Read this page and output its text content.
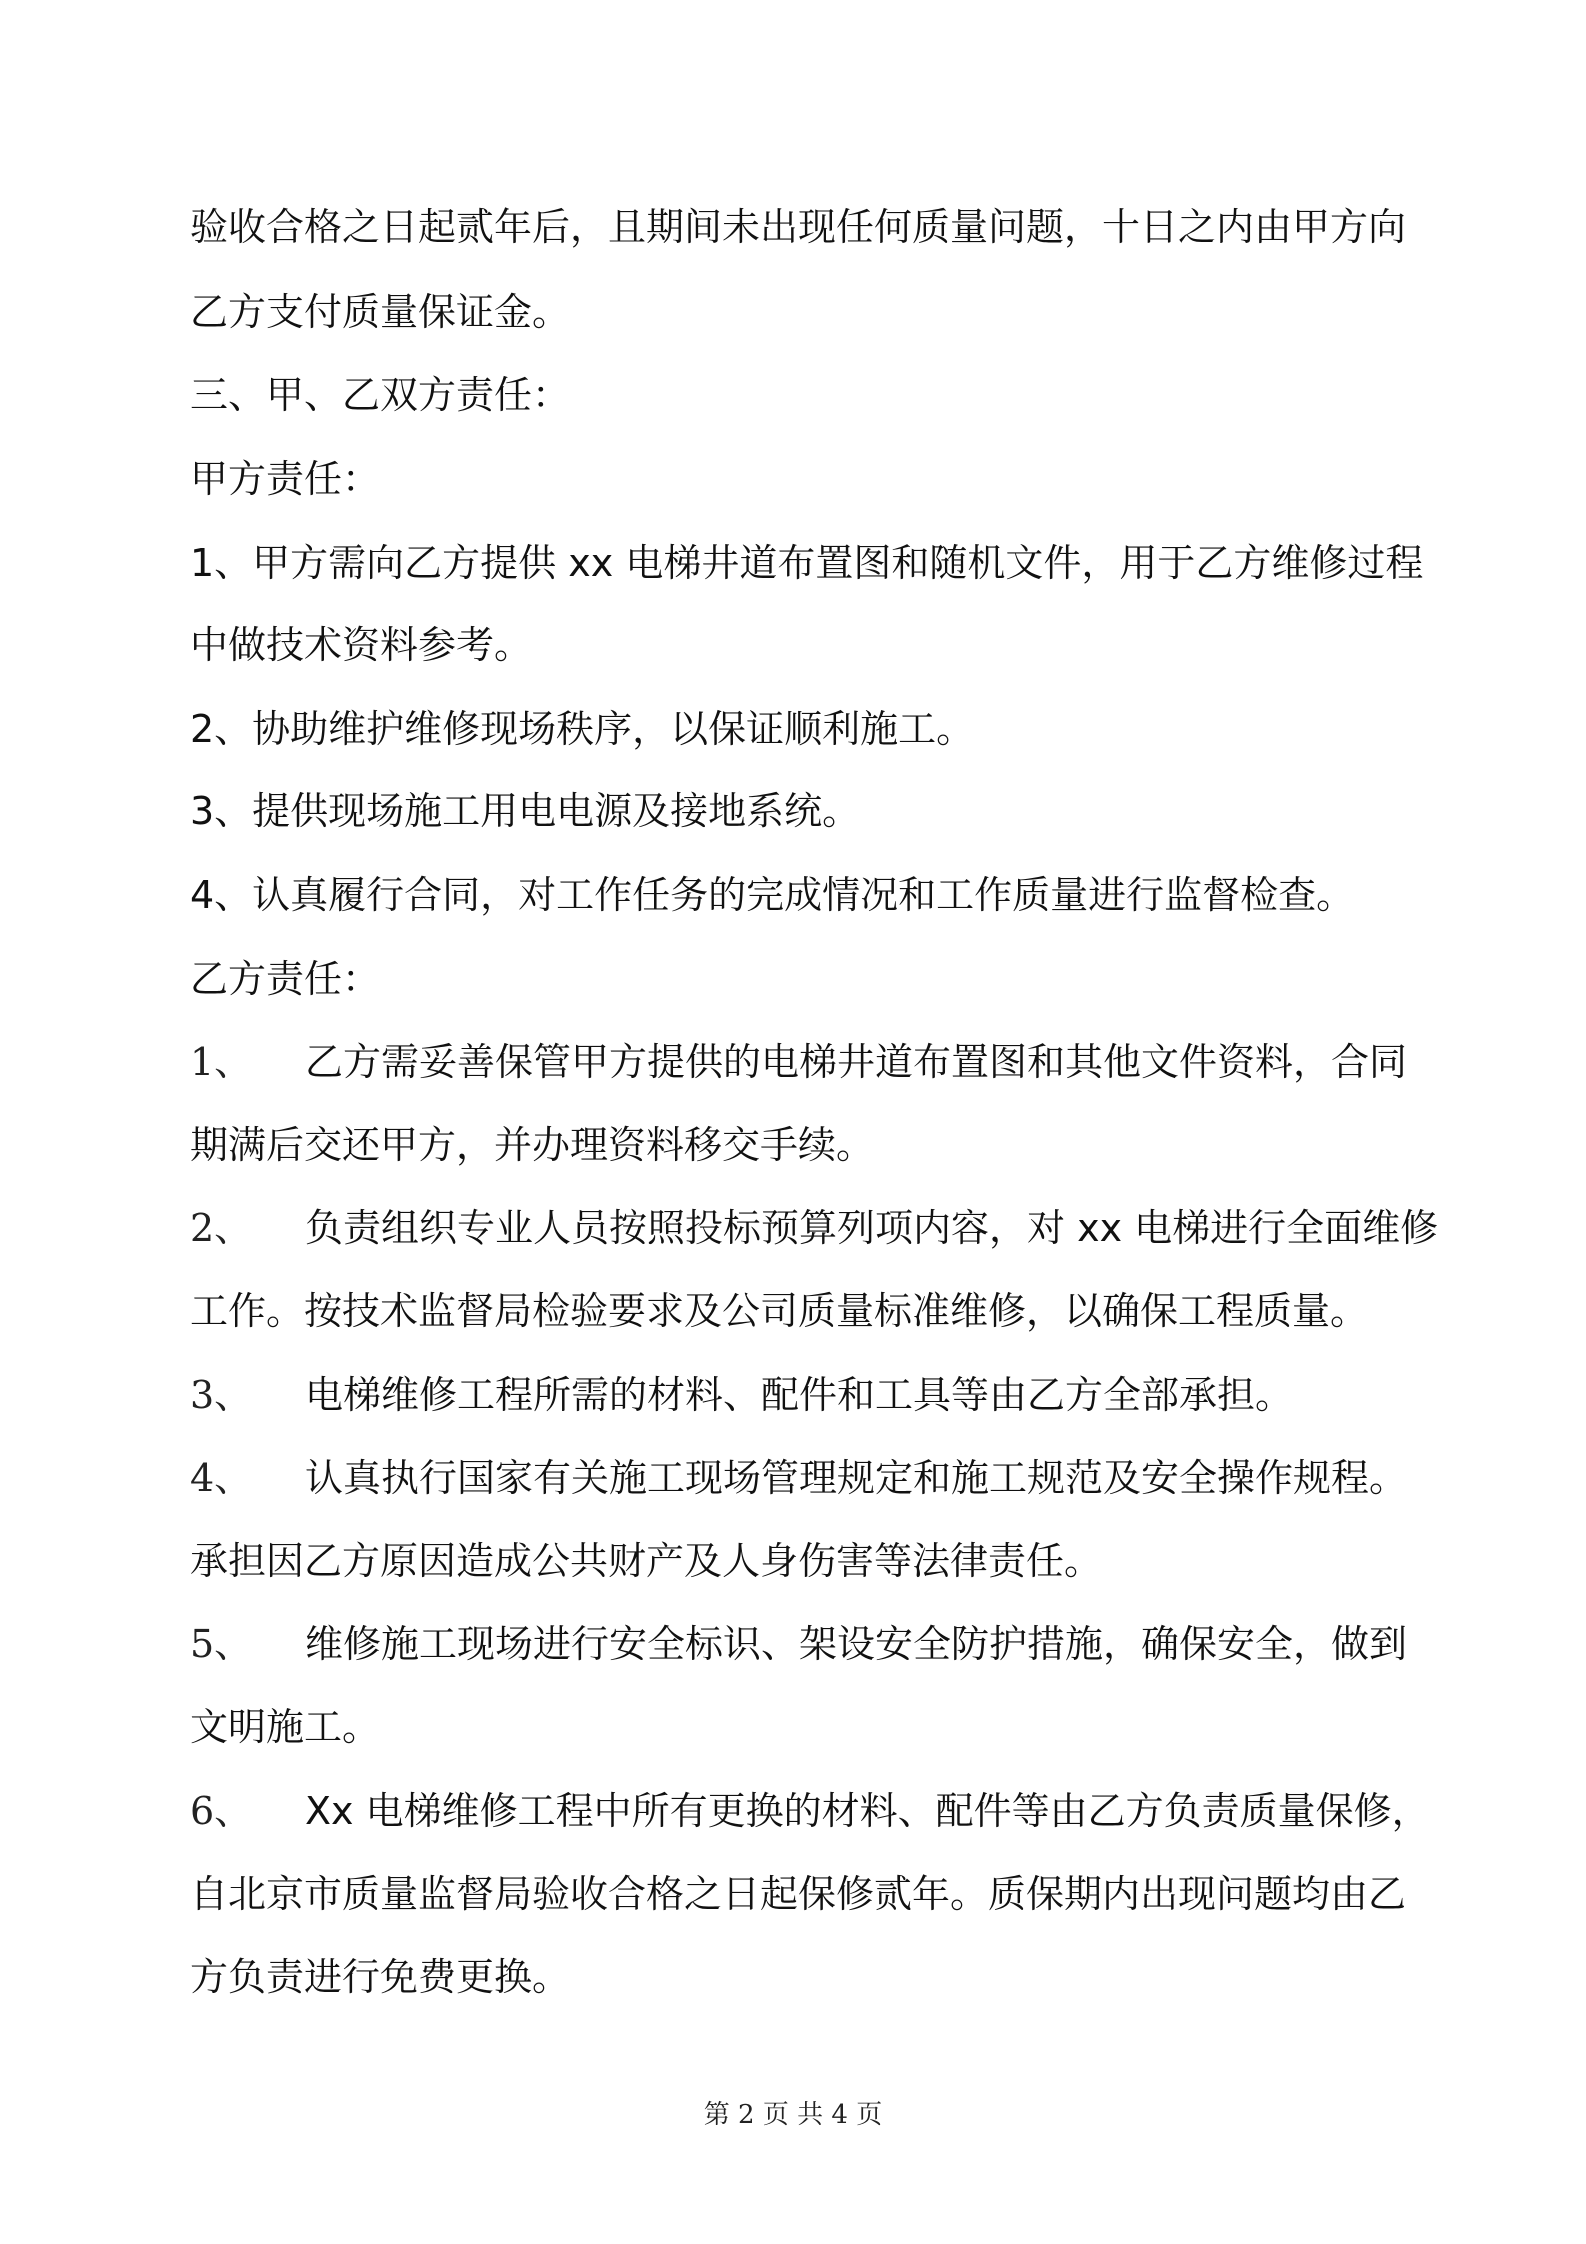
验收合格之日起贰年后，且期间未出现任何质量问题，十日之内由甲方向
乙方支付质量保证金。
三、甲、乙双方责任：
甲方责任：
1、甲方需向乙方提供 xx 电梯井道布置图和随机文件，用于乙方维修过程
中做技术资料参考。
2、协助维护维修现场秩序，以保证顺利施工。
3、提供现场施工用电电源及接地系统。
4、认真履行合同，对工作任务的完成情况和工作质量进行监督检查。
乙方责任：
1、 乙方需妥善保管甲方提供的电梯井道布置图和其他文件资料，合同
期满后交还甲方，并办理资料移交手续。
2、 负责组织专业人员按照投标预算列项内容，对 xx 电梯进行全面维修
工作。按技术监督局检验要求及公司质量标准维修，以确保工程质量。
3、 电梯维修工程所需的材料、配件和工具等由乙方全部承担。
4、 认真执行国家有关施工现场管理规定和施工规范及安全操作规程。
承担因乙方原因造成公共财产及人身伤害等法律责任。
5、 维修施工现场进行安全标识、架设安全防护措施，确保安全，做到
文明施工。
6、 Xx 电梯维修工程中所有更换的材料、配件等由乙方负责质量保修，
自北京市质量监督局验收合格之日起保修贰年。质保期内出现问题均由乙
方负责进行免费更换。
第 2 页 共 4 页
